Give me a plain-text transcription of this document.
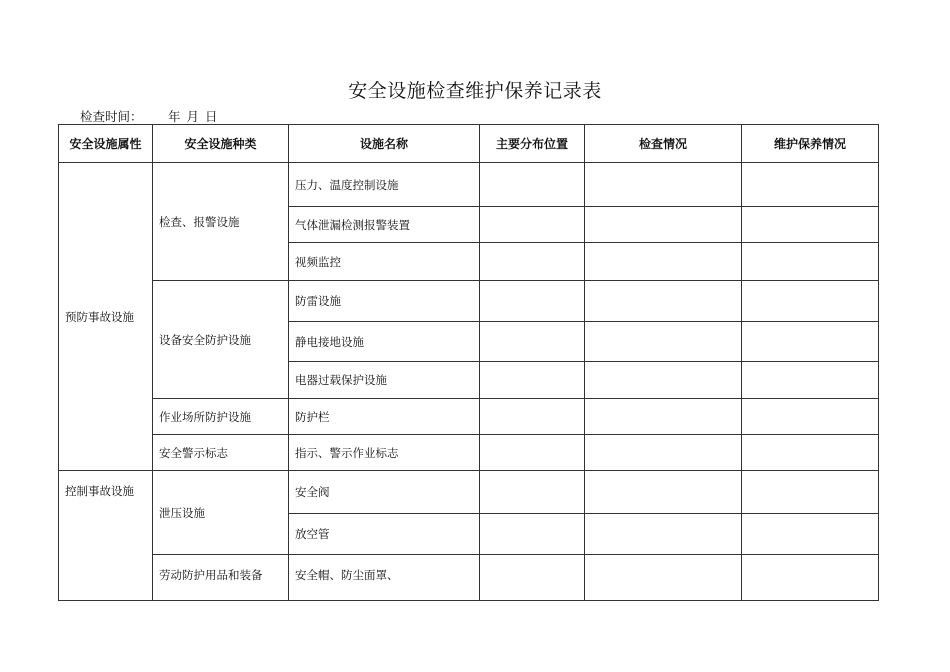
安全设施检查维护保养记录表
检查时间： 年 月 日
安全设施属性	安全设施种类	设施名称	主要分布位置	检查情况	维护保养情况
预防事故设施	检查、报警设施	压力、温度控制设施			
		气体泄漏检测报警装置			
		视频监控			
	设备安全防护设施	防雷设施			
		静电接地设施			
		电器过载保护设施			
	作业场所防护设施	防护栏			
	安全警示标志	指示、警示作业标志			
控制事故设施	泄压设施	安全阀			
		放空管			
	劳动防护用品和装备	安全帽、防尘面罩、			
